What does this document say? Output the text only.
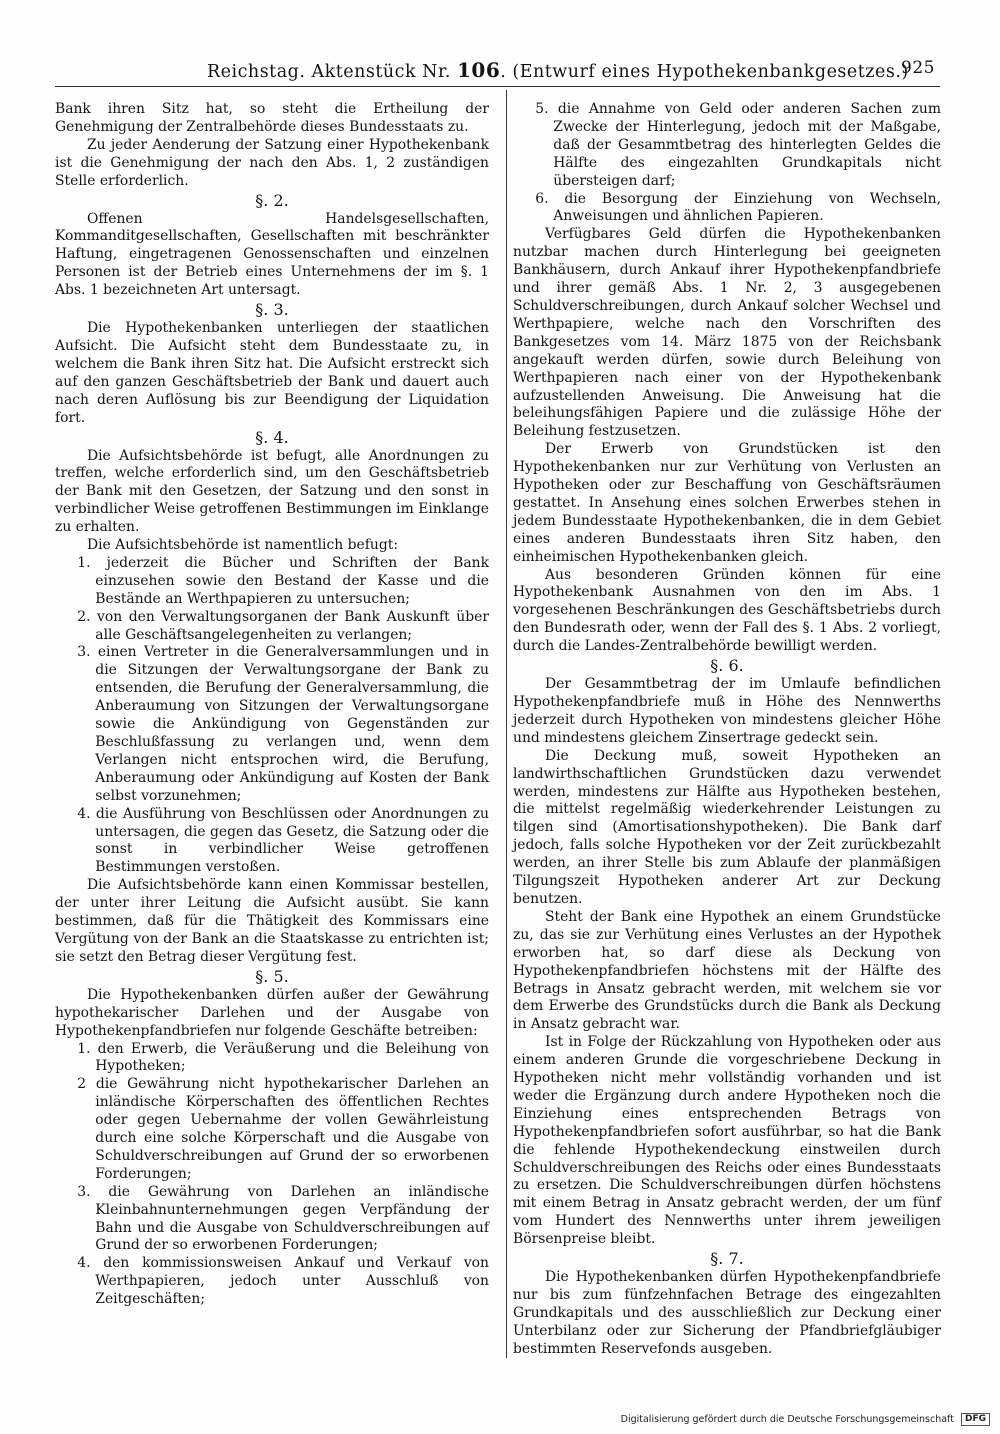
Reichstag. Aktenstück Nr. 106. (Entwurf eines Hypothekenbankgesetzes.)
925

Bank ihren Sitz hat, so steht die Ertheilung der Genehmigung der Zentralbehörde dieses Bundesstaats zu.

Zu jeder Aenderung der Satzung einer Hypothekenbank ist die Genehmigung der nach den Abs. 1, 2 zuständigen Stelle erforderlich.

§. 2.

Offenen Handelsgesellschaften, Kommanditgesellschaften, Gesellschaften mit beschränkter Haftung, eingetragenen Genossenschaften und einzelnen Personen ist der Betrieb eines Unternehmens der im §. 1 Abs. 1 bezeichneten Art untersagt.

§. 3.

Die Hypothekenbanken unterliegen der staatlichen Aufsicht. Die Aufsicht steht dem Bundesstaate zu, in welchem die Bank ihren Sitz hat. Die Aufsicht erstreckt sich auf den ganzen Geschäftsbetrieb der Bank und dauert auch nach deren Auflösung bis zur Beendigung der Liquidation fort.

§. 4.

Die Aufsichtsbehörde ist befugt, alle Anordnungen zu treffen, welche erforderlich sind, um den Geschäftsbetrieb der Bank mit den Gesetzen, der Satzung und den sonst in verbindlicher Weise getroffenen Bestimmungen im Einklange zu erhalten.

Die Aufsichtsbehörde ist namentlich befugt:

1. jederzeit die Bücher und Schriften der Bank einzusehen sowie den Bestand der Kasse und die Bestände an Werthpapieren zu untersuchen;

2. von den Verwaltungsorganen der Bank Auskunft über alle Geschäftsangelegenheiten zu verlangen;

3. einen Vertreter in die Generalversammlungen und in die Sitzungen der Verwaltungsorgane der Bank zu entsenden, die Berufung der Generalversammlung, die Anberaumung von Sitzungen der Verwaltungsorgane sowie die Ankündigung von Gegenständen zur Beschlußfassung zu verlangen und, wenn dem Verlangen nicht entsprochen wird, die Berufung, Anberaumung oder Ankündigung auf Kosten der Bank selbst vorzunehmen;

4. die Ausführung von Beschlüssen oder Anordnungen zu untersagen, die gegen das Gesetz, die Satzung oder die sonst in verbindlicher Weise getroffenen Bestimmungen verstoßen.

Die Aufsichtsbehörde kann einen Kommissar bestellen, der unter ihrer Leitung die Aufsicht ausübt. Sie kann bestimmen, daß für die Thätigkeit des Kommissars eine Vergütung von der Bank an die Staatskasse zu entrichten ist; sie setzt den Betrag dieser Vergütung fest.

§. 5.

Die Hypothekenbanken dürfen außer der Gewährung hypothekarischer Darlehen und der Ausgabe von Hypothekenpfandbriefen nur folgende Geschäfte betreiben:

1. den Erwerb, die Veräußerung und die Beleihung von Hypotheken;

2 die Gewährung nicht hypothekarischer Darlehen an inländische Körperschaften des öffentlichen Rechtes oder gegen Uebernahme der vollen Gewährleistung durch eine solche Körperschaft und die Ausgabe von Schuldverschreibungen auf Grund der so erworbenen Forderungen;

3. die Gewährung von Darlehen an inländische Kleinbahnunternehmungen gegen Verpfändung der Bahn und die Ausgabe von Schuldverschreibungen auf Grund der so erworbenen Forderungen;

4. den kommissionsweisen Ankauf und Verkauf von Werthpapieren, jedoch unter Ausschluß von Zeitgeschäften;

5. die Annahme von Geld oder anderen Sachen zum Zwecke der Hinterlegung, jedoch mit der Maßgabe, daß der Gesammtbetrag des hinterlegten Geldes die Hälfte des eingezahlten Grundkapitals nicht übersteigen darf;

6. die Besorgung der Einziehung von Wechseln, Anweisungen und ähnlichen Papieren.

Verfügbares Geld dürfen die Hypothekenbanken nutzbar machen durch Hinterlegung bei geeigneten Bankhäusern, durch Ankauf ihrer Hypothekenpfandbriefe und ihrer gemäß Abs. 1 Nr. 2, 3 ausgegebenen Schuldverschreibungen, durch Ankauf solcher Wechsel und Werthpapiere, welche nach den Vorschriften des Bankgesetzes vom 14. März 1875 von der Reichsbank angekauft werden dürfen, sowie durch Beleihung von Werthpapieren nach einer von der Hypothekenbank aufzustellenden Anweisung. Die Anweisung hat die beleihungsfähigen Papiere und die zulässige Höhe der Beleihung festzusetzen.

Der Erwerb von Grundstücken ist den Hypothekenbanken nur zur Verhütung von Verlusten an Hypotheken oder zur Beschaffung von Geschäftsräumen gestattet. In Ansehung eines solchen Erwerbes stehen in jedem Bundesstaate Hypothekenbanken, die in dem Gebiet eines anderen Bundesstaats ihren Sitz haben, den einheimischen Hypothekenbanken gleich.

Aus besonderen Gründen können für eine Hypothekenbank Ausnahmen von den im Abs. 1 vorgesehenen Beschränkungen des Geschäftsbetriebs durch den Bundesrath oder, wenn der Fall des §. 1 Abs. 2 vorliegt, durch die Landes-Zentralbehörde bewilligt werden.

§. 6.

Der Gesammtbetrag der im Umlaufe befindlichen Hypothekenpfandbriefe muß in Höhe des Nennwerths jederzeit durch Hypotheken von mindestens gleicher Höhe und mindestens gleichem Zinsertrage gedeckt sein.

Die Deckung muß, soweit Hypotheken an landwirthschaftlichen Grundstücken dazu verwendet werden, mindestens zur Hälfte aus Hypotheken bestehen, die mittelst regelmäßig wiederkehrender Leistungen zu tilgen sind (Amortisationshypotheken). Die Bank darf jedoch, falls solche Hypotheken vor der Zeit zurückbezahlt werden, an ihrer Stelle bis zum Ablaufe der planmäßigen Tilgungszeit Hypotheken anderer Art zur Deckung benutzen.

Steht der Bank eine Hypothek an einem Grundstücke zu, das sie zur Verhütung eines Verlustes an der Hypothek erworben hat, so darf diese als Deckung von Hypothekenpfandbriefen höchstens mit der Hälfte des Betrags in Ansatz gebracht werden, mit welchem sie vor dem Erwerbe des Grundstücks durch die Bank als Deckung in Ansatz gebracht war.

Ist in Folge der Rückzahlung von Hypotheken oder aus einem anderen Grunde die vorgeschriebene Deckung in Hypotheken nicht mehr vollständig vorhanden und ist weder die Ergänzung durch andere Hypotheken noch die Einziehung eines entsprechenden Betrags von Hypothekenpfandbriefen sofort ausführbar, so hat die Bank die fehlende Hypothekendeckung einstweilen durch Schuldverschreibungen des Reichs oder eines Bundesstaats zu ersetzen. Die Schuldverschreibungen dürfen höchstens mit einem Betrag in Ansatz gebracht werden, der um fünf vom Hundert des Nennwerths unter ihrem jeweiligen Börsenpreise bleibt.

§. 7.

Die Hypothekenbanken dürfen Hypothekenpfandbriefe nur bis zum fünfzehnfachen Betrage des eingezahlten Grundkapitals und des ausschließlich zur Deckung einer Unterbilanz oder zur Sicherung der Pfandbriefgläubiger bestimmten Reservefonds ausgeben.

Digitalisierung gefördert durch die Deutsche Forschungsgemeinschaft DFG
